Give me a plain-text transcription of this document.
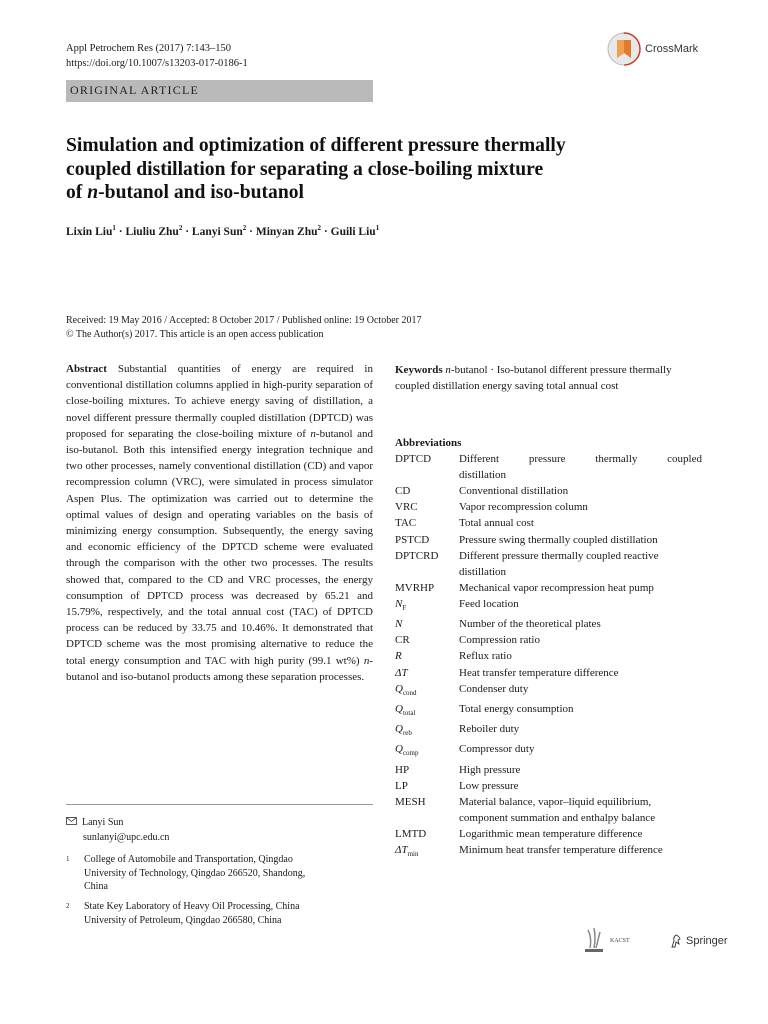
Appl Petrochem Res (2017) 7:143–150
https://doi.org/10.1007/s13203-017-0186-1
CrossMark
ORIGINAL ARTICLE
Simulation and optimization of different pressure thermally
coupled distillation for separating a close-boiling mixture
of n-butanol and iso-butanol
Lixin Liu$^1$ · Liuliu Zhu$^2$ · Lanyi Sun$^2$ · Minyan Zhu$^2$ · Guili Liu$^1$
Received: 19 May 2016 / Accepted: 8 October 2017 / Published online: 19 October 2017
© The Author(s) 2017. This article is an open access publication
Abstract Substantial quantities of energy are required in conventional distillation columns applied in high-purity separation of close-boiling mixtures. To achieve energy saving of distillation, a novel different pressure thermally coupled distillation (DPTCD) was proposed for separating the close-boiling mixture of n-butanol and iso-butanol. Both this intensified energy integration technique and two other processes, namely conventional distillation (CD) and vapor recompression column (VRC), were simulated in process simulator Aspen Plus. The optimization was carried out to determine the optimal values of design and operating variables on the basis of minimizing energy consumption. Subsequently, the energy saving and economic efficiency of the DPTCD scheme were evaluated through the comparison with the other two processes. The results showed that, compared to the CD and VRC processes, the energy consumption of DPTCD process was decreased by 65.21 and 15.79%, respectively, and the total annual cost (TAC) of DPTCD process can be reduced by 33.75 and 10.46%. It demonstrated that DPTCD scheme was the most promising alternative to reduce the total energy consumption and TAC with high purity (99.1 wt%) n-butanol and iso-butanol products among these separation processes.
Keywords n-butanol · Iso-butanol different pressure thermally coupled distillation energy saving total annual cost
Abbreviations
DPTCD	Different pressure thermally coupled
distillation
CD	Conventional distillation
VRC	Vapor recompression column
TAC	Total annual cost
PSTCD	Pressure swing thermally coupled distillation
DPTCRD	Different pressure thermally coupled reactive
distillation
MVRHP	Mechanical vapor recompression heat pump
$N_F$	Feed location
N	Number of the theoretical plates
CR	Compression ratio
R	Reflux ratio
ΔT	Heat transfer temperature difference
$Q_{cond}$	Condenser duty
$Q_{total}$	Total energy consumption
$Q_{reb}$	Reboiler duty
$Q_{comp}$	Compressor duty
HP	High pressure
LP	Low pressure
MESH	Material balance, vapor–liquid equilibrium,
component summation and enthalpy balance
LMTD	Logarithmic mean temperature difference
$\Delta T_{min}$	Minimum heat transfer temperature difference
Lanyi Sun
sunlanyi@upc.edu.cn
1	College of Automobile and Transportation, Qingdao
University of Technology, Qingdao 266520, Shandong,
China
2	State Key Laboratory of Heavy Oil Processing, China
University of Petroleum, Qingdao 266580, China
KACST	Springer
